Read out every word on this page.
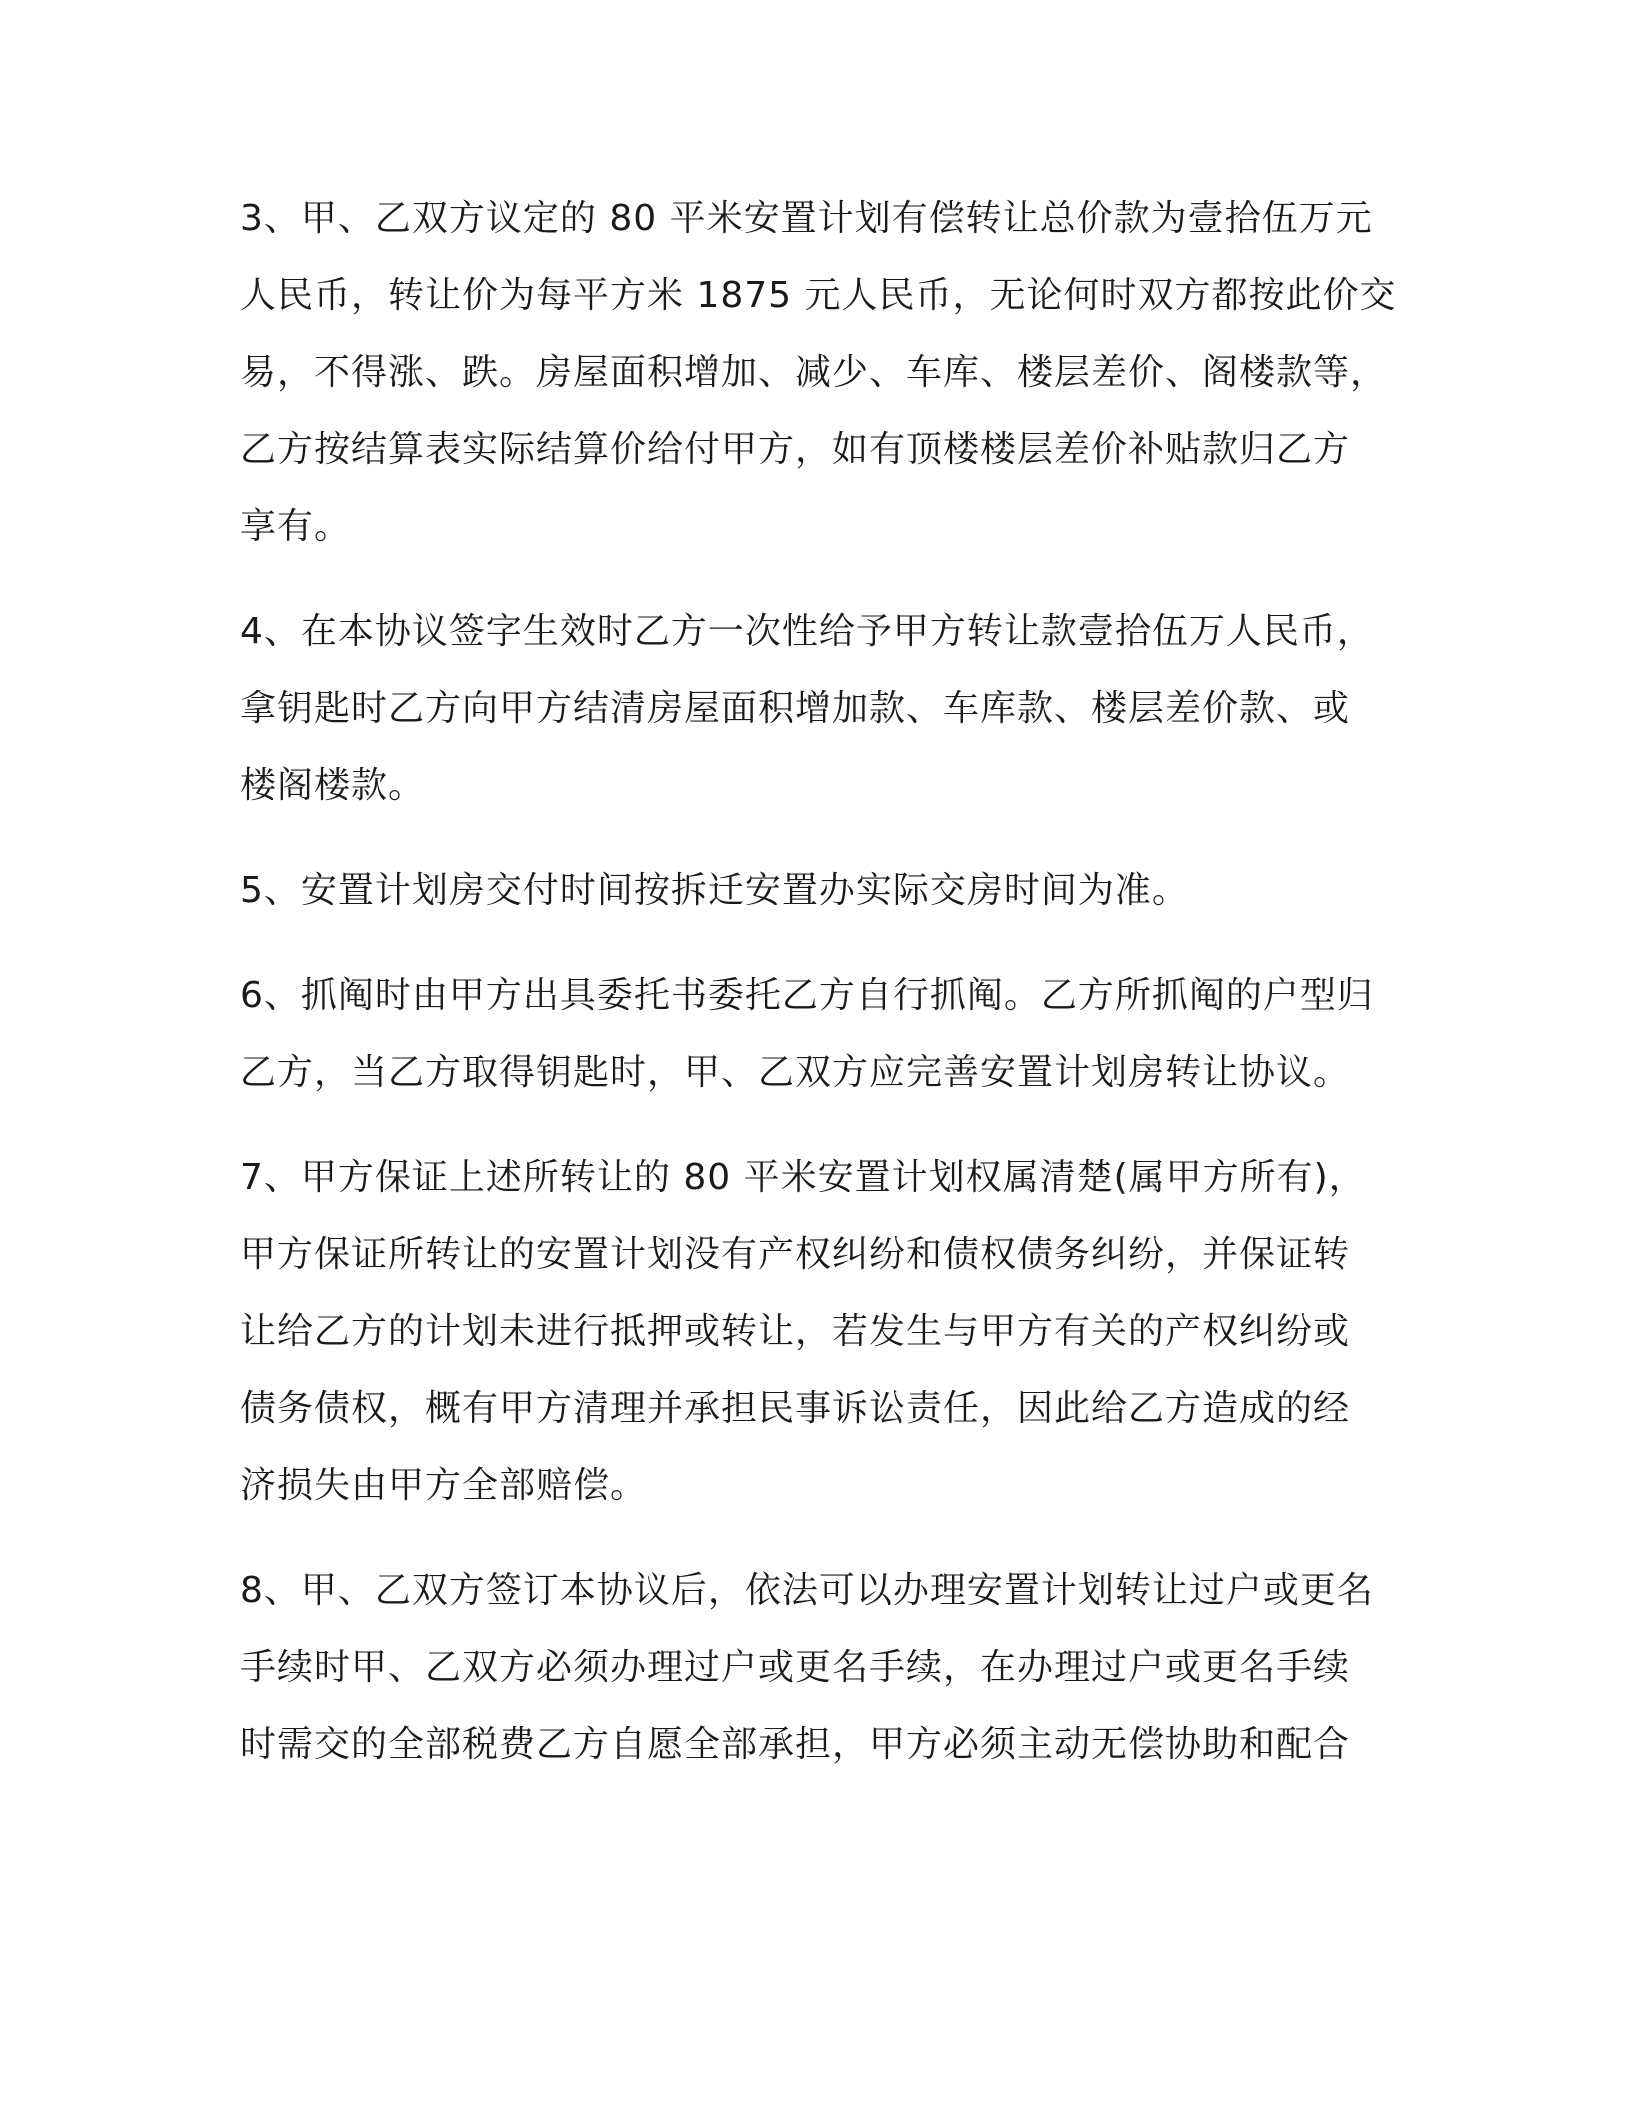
3、甲、乙双方议定的 80 平米安置计划有偿转让总价款为壹拾伍万元
人民币，转让价为每平方米 1875 元人民币，无论何时双方都按此价交
易，不得涨、跌。房屋面积增加、减少、车库、楼层差价、阁楼款等，
乙方按结算表实际结算价给付甲方，如有顶楼楼层差价补贴款归乙方
享有。

4、在本协议签字生效时乙方一次性给予甲方转让款壹拾伍万人民币，
拿钥匙时乙方向甲方结清房屋面积增加款、车库款、楼层差价款、或
楼阁楼款。

5、安置计划房交付时间按拆迁安置办实际交房时间为准。

6、抓阄时由甲方出具委托书委托乙方自行抓阄。乙方所抓阄的户型归
乙方，当乙方取得钥匙时，甲、乙双方应完善安置计划房转让协议。

7、甲方保证上述所转让的 80 平米安置计划权属清楚(属甲方所有)，
甲方保证所转让的安置计划没有产权纠纷和债权债务纠纷，并保证转
让给乙方的计划未进行抵押或转让，若发生与甲方有关的产权纠纷或
债务债权，概有甲方清理并承担民事诉讼责任，因此给乙方造成的经
济损失由甲方全部赔偿。

8、甲、乙双方签订本协议后，依法可以办理安置计划转让过户或更名
手续时甲、乙双方必须办理过户或更名手续，在办理过户或更名手续
时需交的全部税费乙方自愿全部承担，甲方必须主动无偿协助和配合
